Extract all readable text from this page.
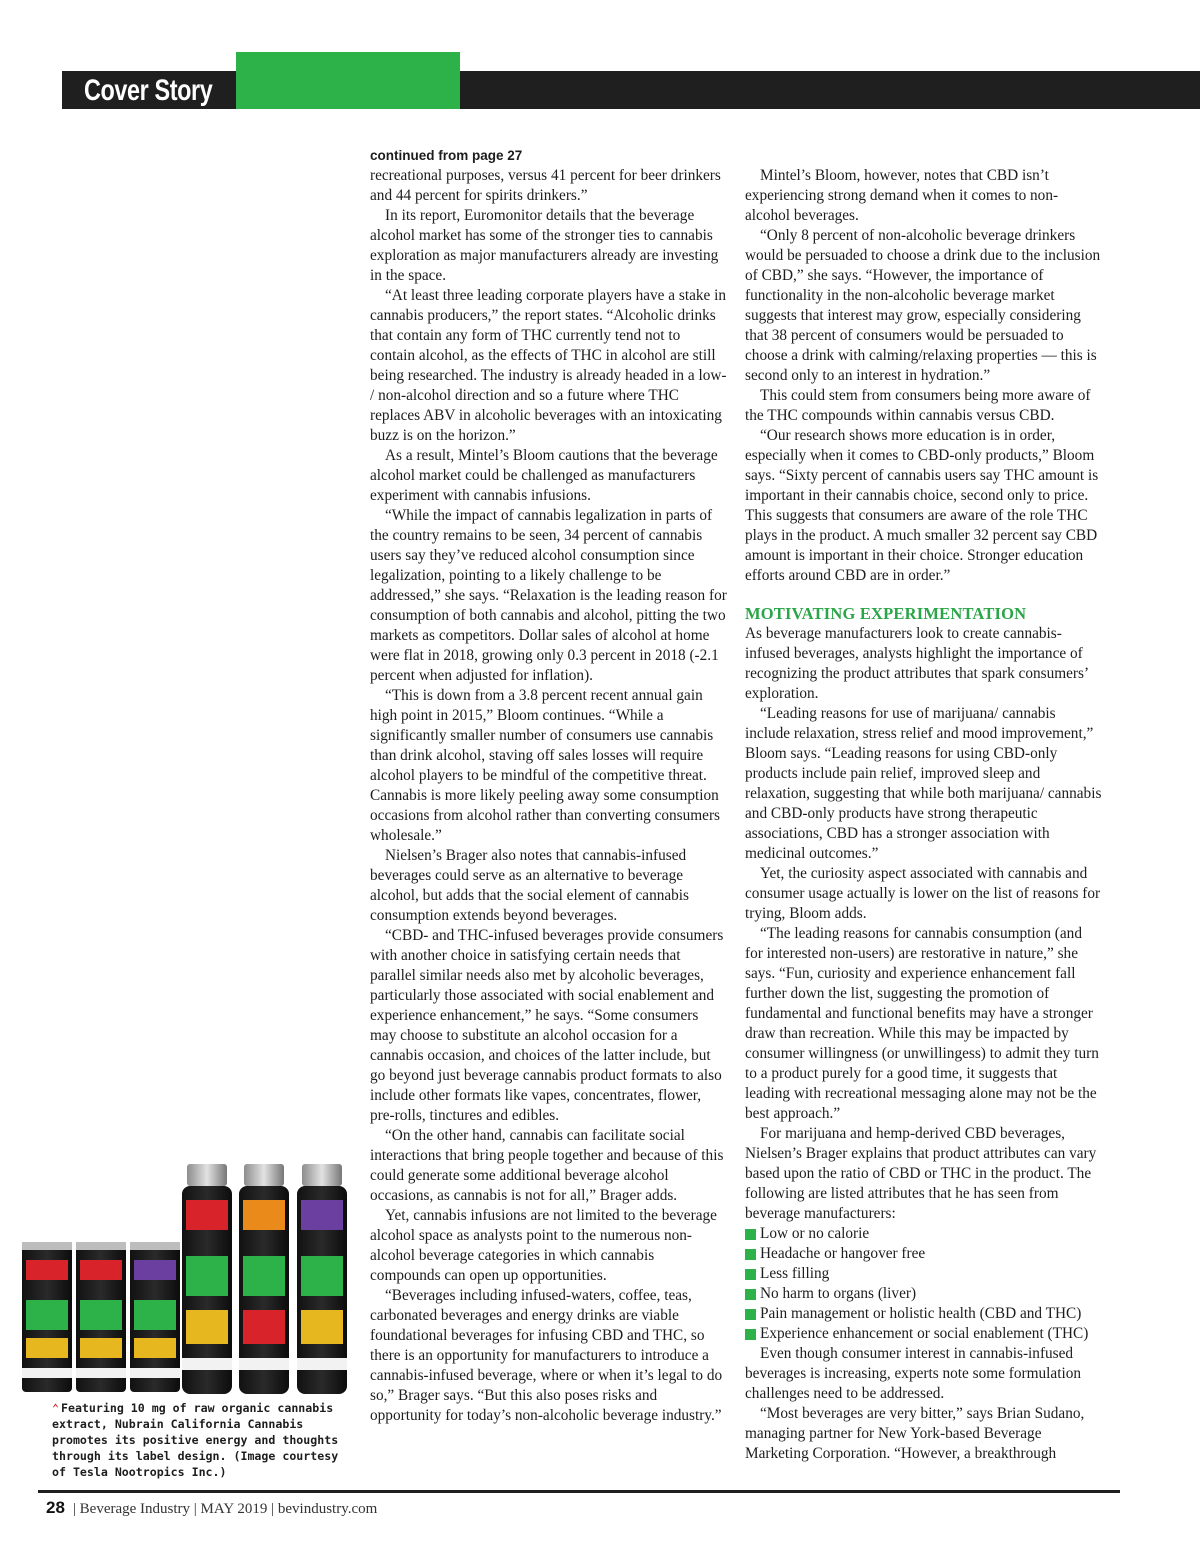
Cover Story
continued from page 27

recreational purposes, versus 41 percent for beer drinkers and 44 percent for spirits drinkers.”

In its report, Euromonitor details that the beverage alcohol market has some of the stronger ties to cannabis exploration as major manufacturers already are investing in the space.

“At least three leading corporate players have a stake in cannabis producers,” the report states. “Alcoholic drinks that contain any form of THC currently tend not to contain alcohol, as the effects of THC in alcohol are still being researched. The industry is already headed in a low- / non-alcohol direction and so a future where THC replaces ABV in alcoholic beverages with an intoxicating buzz is on the horizon.”

As a result, Mintel’s Bloom cautions that the beverage alcohol market could be challenged as manufacturers experiment with cannabis infusions.

“While the impact of cannabis legalization in parts of the country remains to be seen, 34 percent of cannabis users say they’ve reduced alcohol consumption since legalization, pointing to a likely challenge to be addressed,” she says. “Relaxation is the leading reason for consumption of both cannabis and alcohol, pitting the two markets as competitors. Dollar sales of alcohol at home were flat in 2018, growing only 0.3 percent in 2018 (-2.1 percent when adjusted for inflation).

“This is down from a 3.8 percent recent annual gain high point in 2015,” Bloom continues. “While a significantly smaller number of consumers use cannabis than drink alcohol, staving off sales losses will require alcohol players to be mindful of the competitive threat. Cannabis is more likely peeling away some consumption occasions from alcohol rather than converting consumers wholesale.”

Nielsen’s Brager also notes that cannabis-infused beverages could serve as an alternative to beverage alcohol, but adds that the social element of cannabis consumption extends beyond beverages.

“CBD- and THC-infused beverages provide consumers with another choice in satisfying certain needs that parallel similar needs also met by alcoholic beverages, particularly those associated with social enablement and experience enhancement,” he says. “Some consumers may choose to substitute an alcohol occasion for a cannabis occasion, and choices of the latter include, but go beyond just beverage cannabis product formats to also include other formats like vapes, concentrates, flower, pre-rolls, tinctures and edibles.

“On the other hand, cannabis can facilitate social interactions that bring people together and because of this could generate some additional beverage alcohol occasions, as cannabis is not for all,” Brager adds.

Yet, cannabis infusions are not limited to the beverage alcohol space as analysts point to the numerous non-alcohol beverage categories in which cannabis compounds can open up opportunities.

“Beverages including infused-waters, coffee, teas, carbonated beverages and energy drinks are viable foundational beverages for infusing CBD and THC, so there is an opportunity for manufacturers to introduce a cannabis-infused beverage, where or when it’s legal to do so,” Brager says. “But this also poses risks and opportunity for today’s non-alcoholic beverage industry.”

Mintel’s Bloom, however, notes that CBD isn’t experiencing strong demand when it comes to non-alcohol beverages.

“Only 8 percent of non-alcoholic beverage drinkers would be persuaded to choose a drink due to the inclusion of CBD,” she says. “However, the importance of functionality in the non-alcoholic beverage market suggests that interest may grow, especially considering that 38 percent of consumers would be persuaded to choose a drink with calming/relaxing properties — this is second only to an interest in hydration.”

This could stem from consumers being more aware of the THC compounds within cannabis versus CBD.

“Our research shows more education is in order, especially when it comes to CBD-only products,” Bloom says. “Sixty percent of cannabis users say THC amount is important in their cannabis choice, second only to price. This suggests that consumers are aware of the role THC plays in the product. A much smaller 32 percent say CBD amount is important in their choice. Stronger education efforts around CBD are in order.”

MOTIVATING EXPERIMENTATION

As beverage manufacturers look to create cannabis-infused beverages, analysts highlight the importance of recognizing the product attributes that spark consumers’ exploration.

“Leading reasons for use of marijuana/ cannabis include relaxation, stress relief and mood improvement,” Bloom says. “Leading reasons for using CBD-only products include pain relief, improved sleep and relaxation, suggesting that while both marijuana/ cannabis and CBD-only products have strong therapeutic associations, CBD has a stronger association with medicinal outcomes.”

Yet, the curiosity aspect associated with cannabis and consumer usage actually is lower on the list of reasons for trying, Bloom adds.

“The leading reasons for cannabis consumption (and for interested non-users) are restorative in nature,” she says. “Fun, curiosity and experience enhancement fall further down the list, suggesting the promotion of fundamental and functional benefits may have a stronger draw than recreation. While this may be impacted by consumer willingness (or unwillingess) to admit they turn to a product purely for a good time, it suggests that leading with recreational messaging alone may not be the best approach.”

For marijuana and hemp-derived CBD beverages, Nielsen’s Brager explains that product attributes can vary based upon the ratio of CBD or THC in the product. The following are listed attributes that he has seen from beverage manufacturers:

Low or no calorie
Headache or hangover free
Less filling
No harm to organs (liver)
Pain management or holistic health (CBD and THC)
Experience enhancement or social enablement (THC)

Even though consumer interest in cannabis-infused beverages is increasing, experts note some formulation challenges need to be addressed.

“Most beverages are very bitter,” says Brian Sudano, managing partner for New York-based Beverage Marketing Corporation. “However, a breakthrough

⌃ Featuring 10 mg of raw organic cannabis extract, Nubrain California Cannabis promotes its positive energy and thoughts through its label design. (Image courtesy of Tesla Nootropics Inc.)
28 | Beverage Industry | MAY 2019 | bevindustry.com
